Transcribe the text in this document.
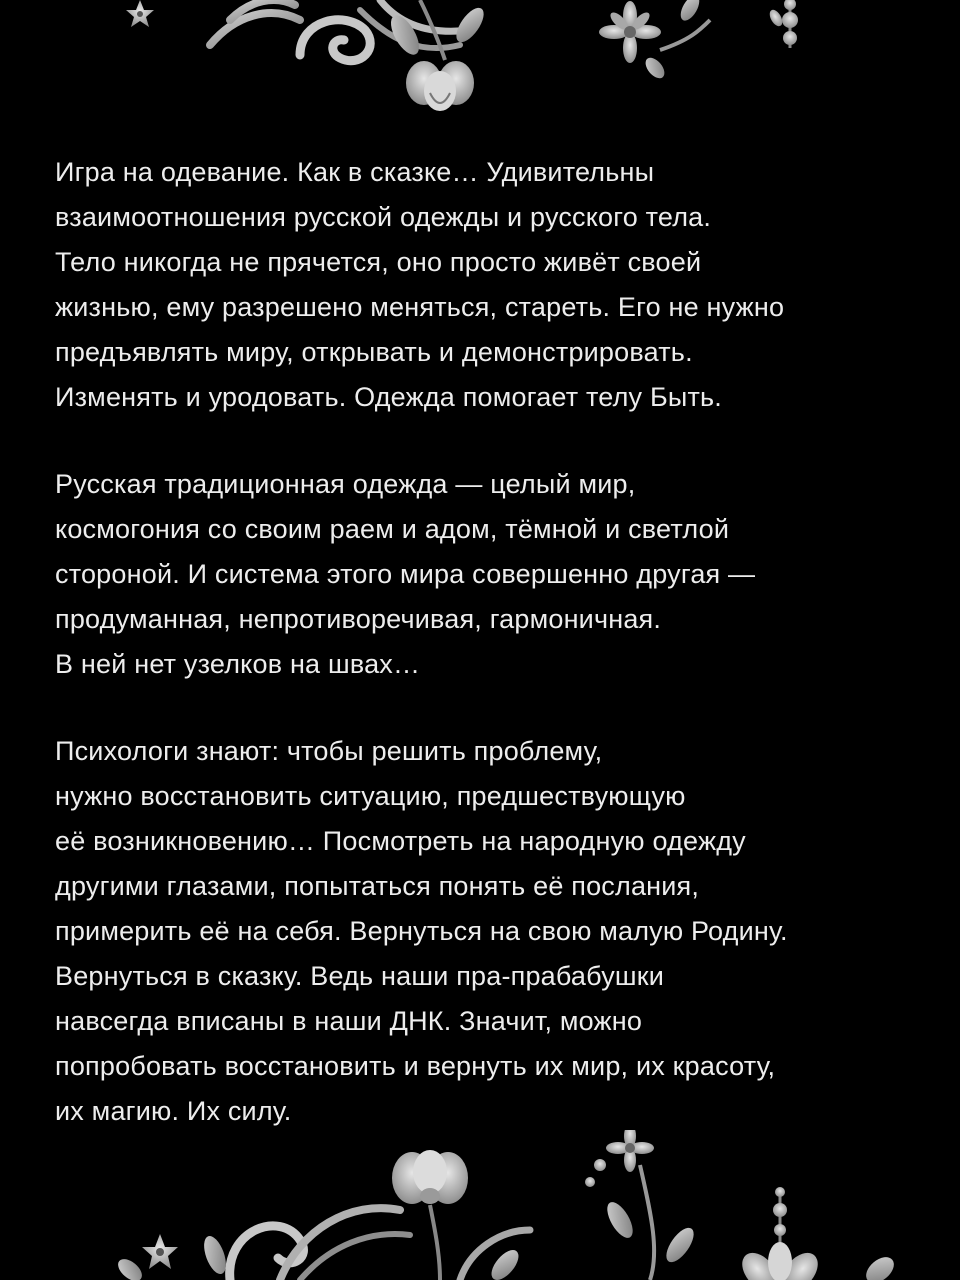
Игра на одевание. Как в сказке… Удивительны
взаимоотношения русской одежды и русского тела.
Тело никогда не прячется, оно просто живёт своей
жизнью, ему разрешено меняться, стареть. Его не нужно
предъявлять миру, открывать и демонстрировать.
Изменять и уродовать. Одежда помогает телу Быть.

Русская традиционная одежда — целый мир,
космогония со своим раем и адом, тёмной и светлой
стороной. И система этого мира совершенно другая —
продуманная, непротиворечивая, гармоничная.
В ней нет узелков на швах…

Психологи знают: чтобы решить проблему,
нужно восстановить ситуацию, предшествующую
её возникновению… Посмотреть на народную одежду
другими глазами, попытаться понять её послания,
примерить её на себя. Вернуться на свою малую Родину.
Вернуться в сказку. Ведь наши пра-прабабушки
навсегда вписаны в наши ДНК. Значит, можно
попробовать восстановить и вернуть их мир, их красоту,
их магию. Их силу.
